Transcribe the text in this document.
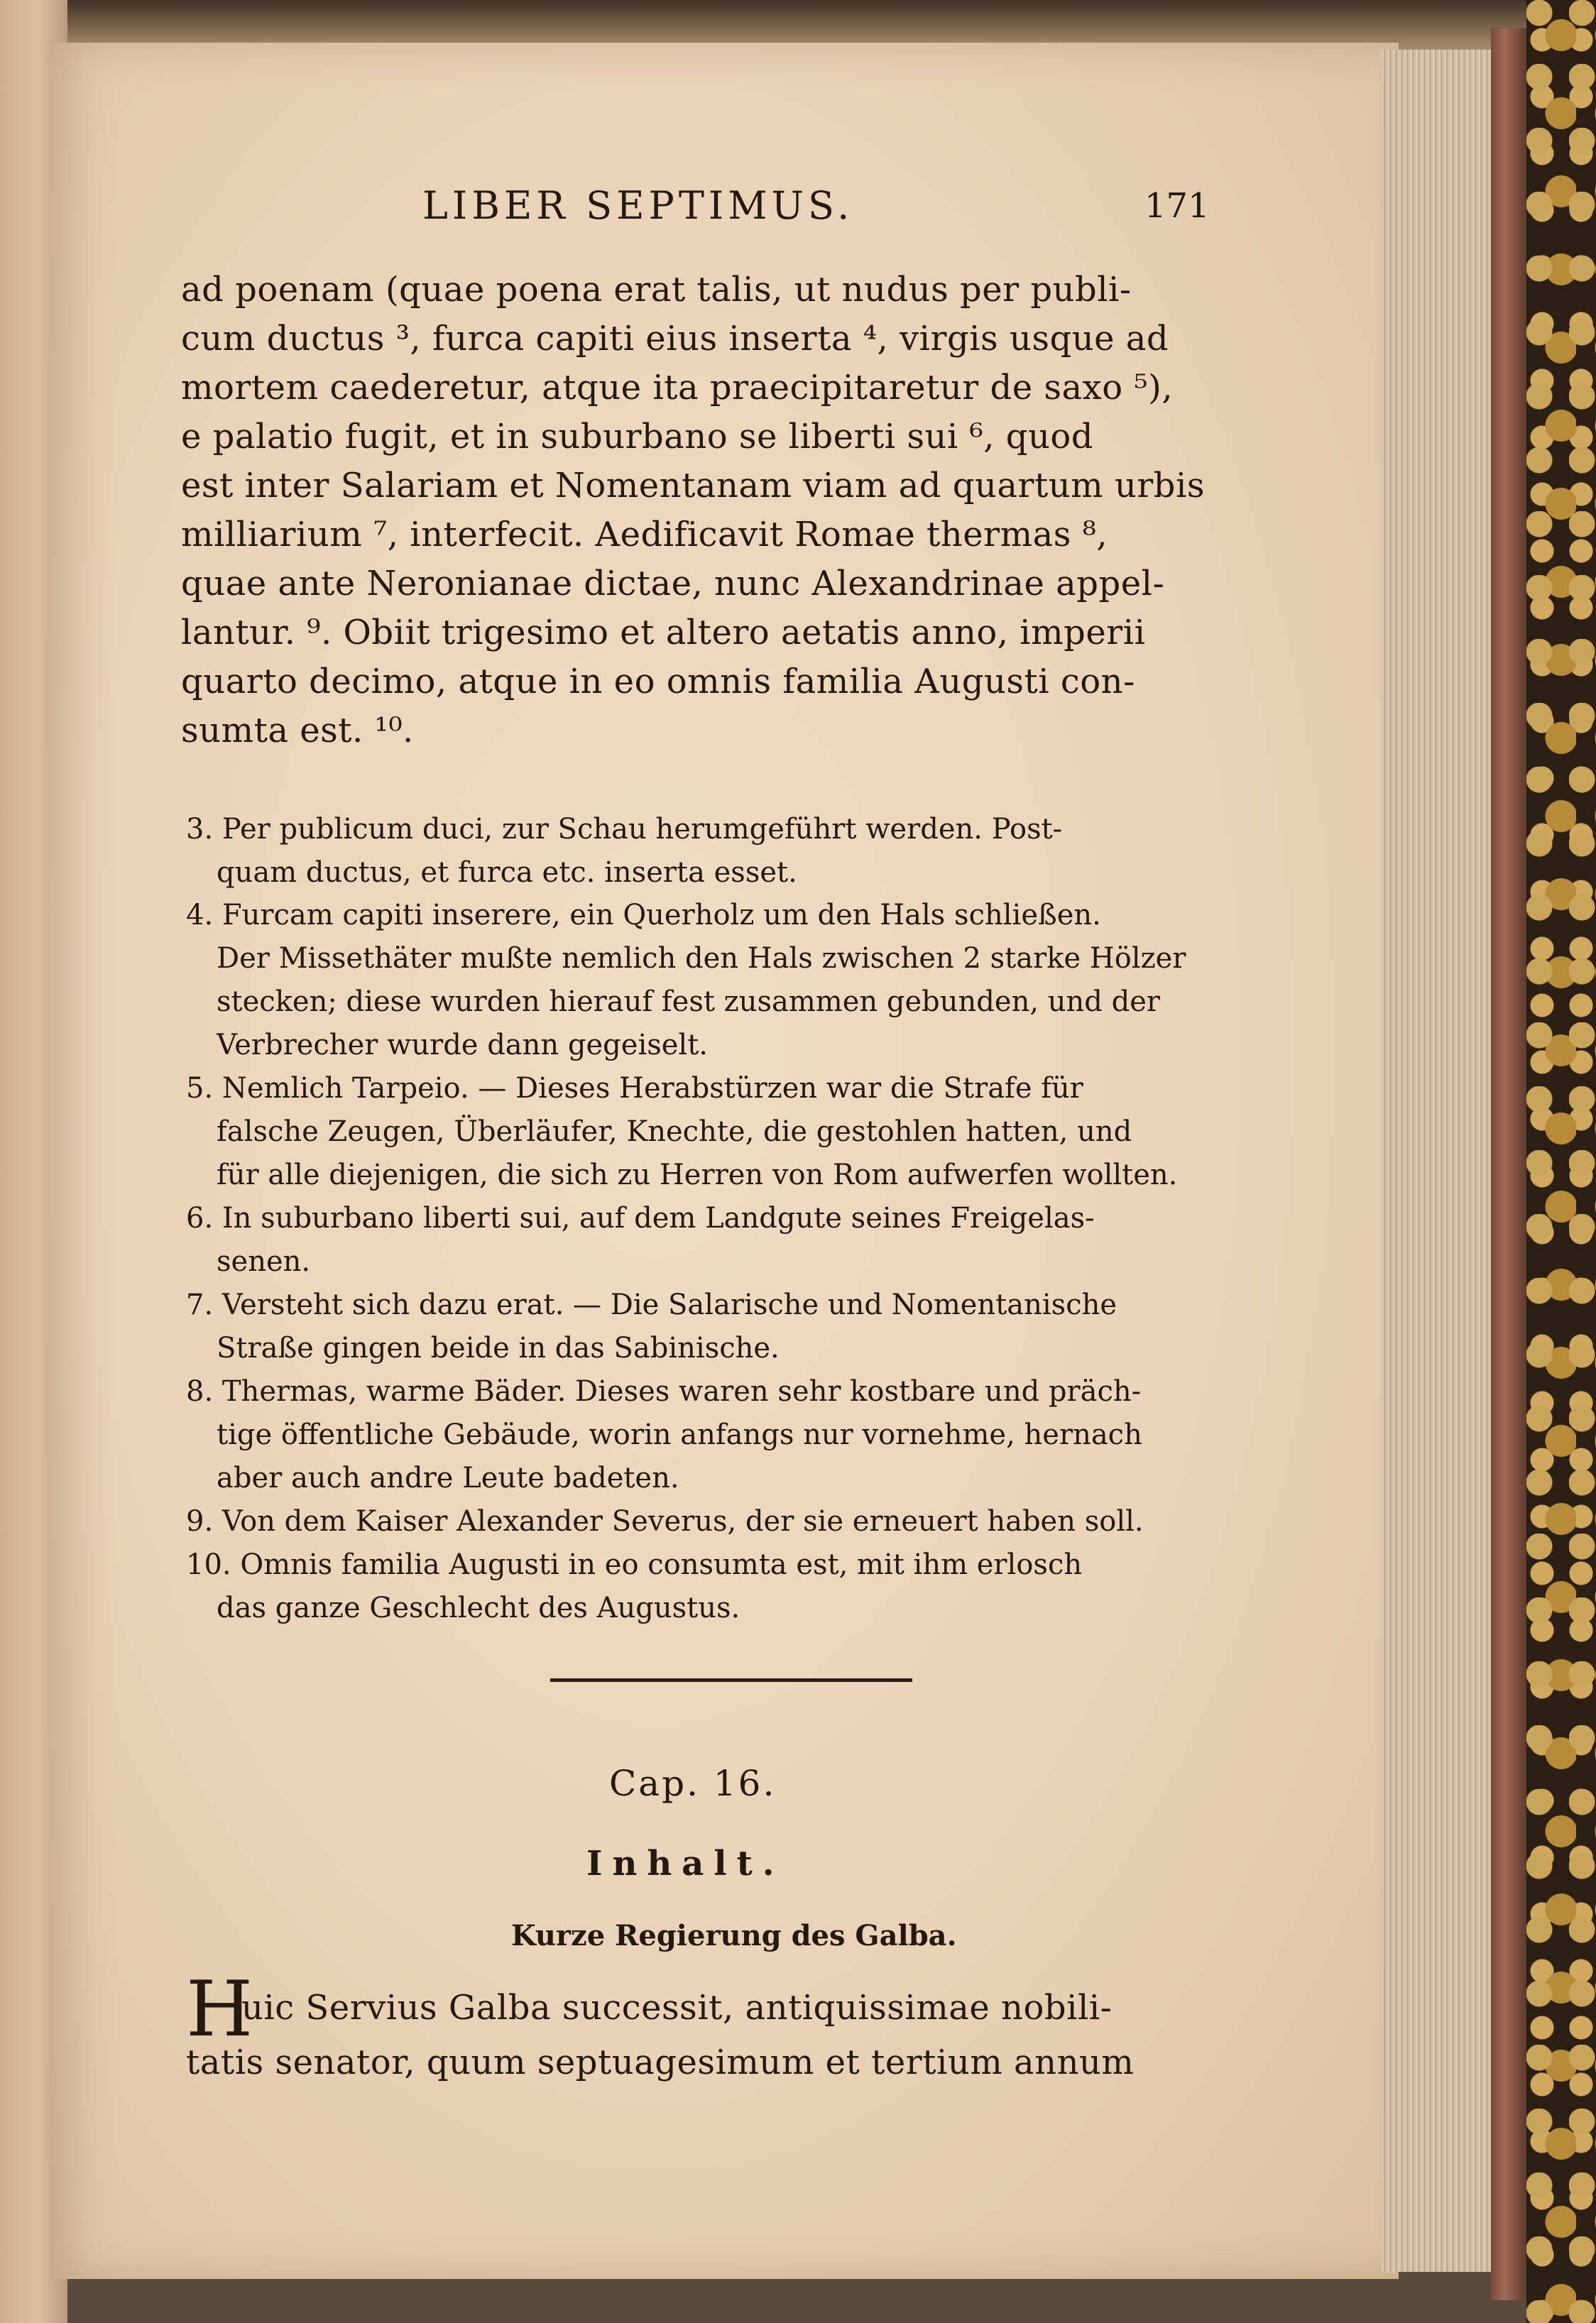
LIBER SEPTIMUS.	171
ad poenam (quae poena erat talis, ut nudus per publi-
cum ductus ³, furca capiti eius inserta ⁴, virgis usque ad
mortem caederetur, atque ita praecipitaretur de saxo ⁵),
e palatio fugit, et in suburbano se liberti sui ⁶, quod
est inter Salariam et Nomentanam viam ad quartum urbis
milliarium ⁷, interfecit. Aedificavit Romae thermas ⁸,
quae ante Neronianae dictae, nunc Alexandrinae appel-
lantur. ⁹. Obiit trigesimo et altero aetatis anno, imperii
quarto decimo, atque in eo omnis familia Augusti con-
sumta est. ¹⁰.
3. Per publicum duci, zur Schau herumgeführt werden. Post-
quam ductus, et furca etc. inserta esset.
4. Furcam capiti inserere, ein Querholz um den Hals schließen.
Der Missethäter mußte nemlich den Hals zwischen 2 starke Hölzer
stecken; diese wurden hierauf fest zusammen gebunden, und der
Verbrecher wurde dann gegeiselt.
5. Nemlich Tarpeio. — Dieses Herabstürzen war die Strafe für
falsche Zeugen, Überläufer, Knechte, die gestohlen hatten, und
für alle diejenigen, die sich zu Herren von Rom aufwerfen wollten.
6. In suburbano liberti sui, auf dem Landgute seines Freigelas-
senen.
7. Versteht sich dazu erat. — Die Salarische und Nomentanische
Straße gingen beide in das Sabinische.
8. Thermas, warme Bäder. Dieses waren sehr kostbare und präch-
tige öffentliche Gebäude, worin anfangs nur vornehme, hernach
aber auch andre Leute badeten.
9. Von dem Kaiser Alexander Severus, der sie erneuert haben soll.
10. Omnis familia Augusti in eo consumta est, mit ihm erlosch
das ganze Geschlecht des Augustus.
Cap. 16.
Inhalt.
Kurze Regierung des Galba.
H
uic Servius Galba successit, antiquissimae nobili-
tatis senator, quum septuagesimum et tertium annum
